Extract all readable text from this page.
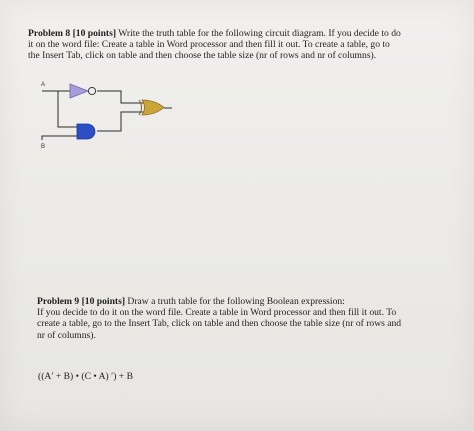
Problem 8 [10 points] Write the truth table for the following circuit diagram. If you decide to do
it on the word file: Create a table in Word processor and then fill it out. To create a table, go to
the Insert Tab, click on table and then choose the table size (nr of rows and nr of columns).
A
B
Problem 9 [10 points] Draw a truth table for the following Boolean expression:
If you decide to do it on the word file. Create a table in Word processor and then fill it out. To
create a table, go to the Insert Tab, click on table and then choose the table size (nr of rows and
nr of columns).
((A′ + B) • (C • A) ′) + B
